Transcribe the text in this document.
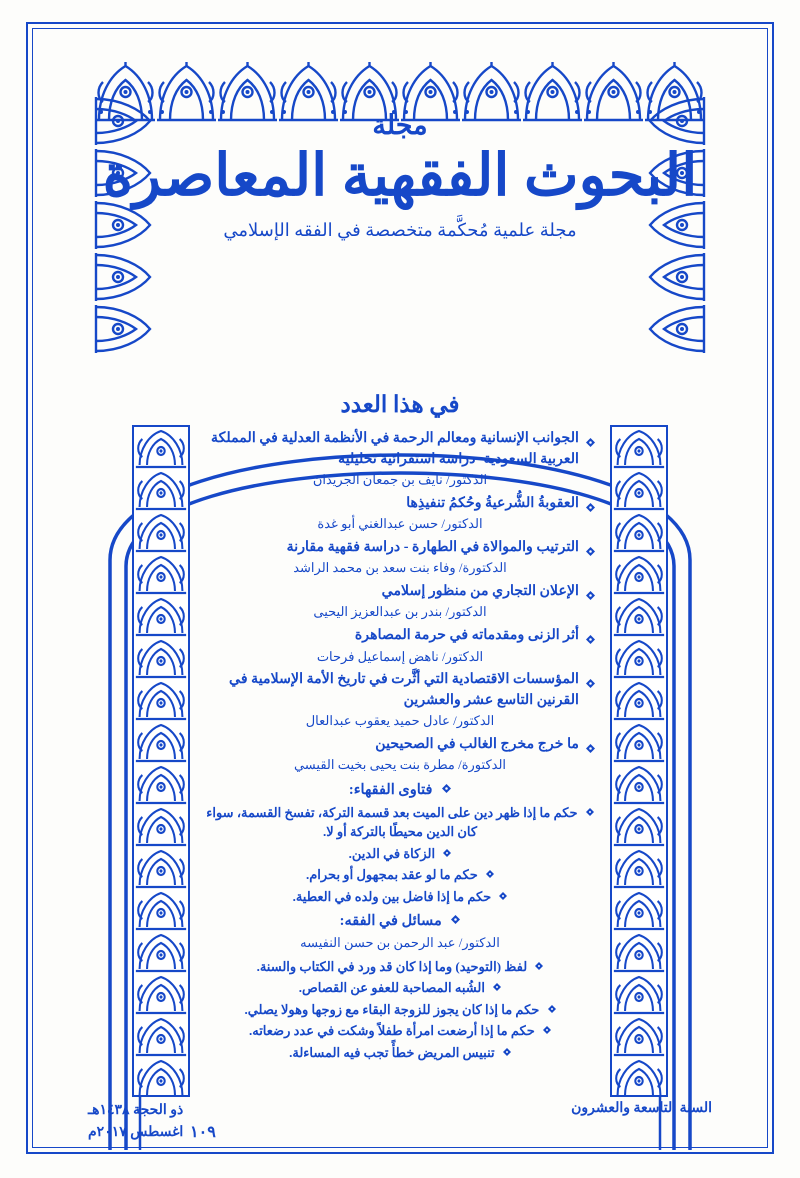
مجلة
البحوث الفقهية المعاصرة
مجلة علمية مُحكَّمة متخصصة في الفقه الإسلامي
في هذا العدد
الجوانب الإنسانية ومعالم الرحمة في الأنظمة العدلية في المملكة العربية السعودية -دراسة استقرائية تحليلية
الدكتور/ نايف بن جمعان الجريدان
العقوبةُ الشُّرعيةُ وحُكمُ تنفيذِها
الدكتور/ حسن عبدالغني أبو غدة
الترتيب والموالاة في الطهارة - دراسة فقهية مقارنة
الدكتورة/ وفاء بنت سعد بن محمد الراشد
الإعلان التجاري من منظور إسلامي
الدكتور/ بندر بن عبدالعزيز اليحيى
أثر الزنى ومقدماته في حرمة المصاهرة
الدكتور/ ناهض إسماعيل فرحات
المؤسسات الاقتصادية التي أثَّرت في تاريخ الأمة الإسلامية في القرنين التاسع عشر والعشرين
الدكتور/ عادل حميد يعقوب عبدالعال
ما خرج مخرج الغالب في الصحيحين
الدكتورة/ مطرة بنت يحيى بخيت القيسي
فتاوى الفقهاء:
حكم ما إذا ظهر دين على الميت بعد قسمة التركة، تفسخ القسمة، سواء كان الدين محيطًا بالتركة أو لا.
الزكاة في الدين.
حكم ما لو عقد بمجهول أو بحرام.
حكم ما إذا فاضل بين ولده في العطية.
مسائل في الفقه:
الدكتور/ عبد الرحمن بن حسن النفيسه
لفظ (التوحيد) وما إذا كان قد ورد في الكتاب والسنة.
الشُبه المصاحبة للعفو عن القصاص.
حكم ما إذا كان يجوز للزوجة البقاء مع زوجها وهولا يصلي.
حكم ما إذا أرضعت امرأة طفلاً وشكت في عدد رضعاته.
تنبيس المريض خطأً تجب فيه المساءلة.
السنة التاسعة والعشرون
ذو الحجة ١٤٣٨هـ
اغسطس ٢٠١٧م ١٠٩
